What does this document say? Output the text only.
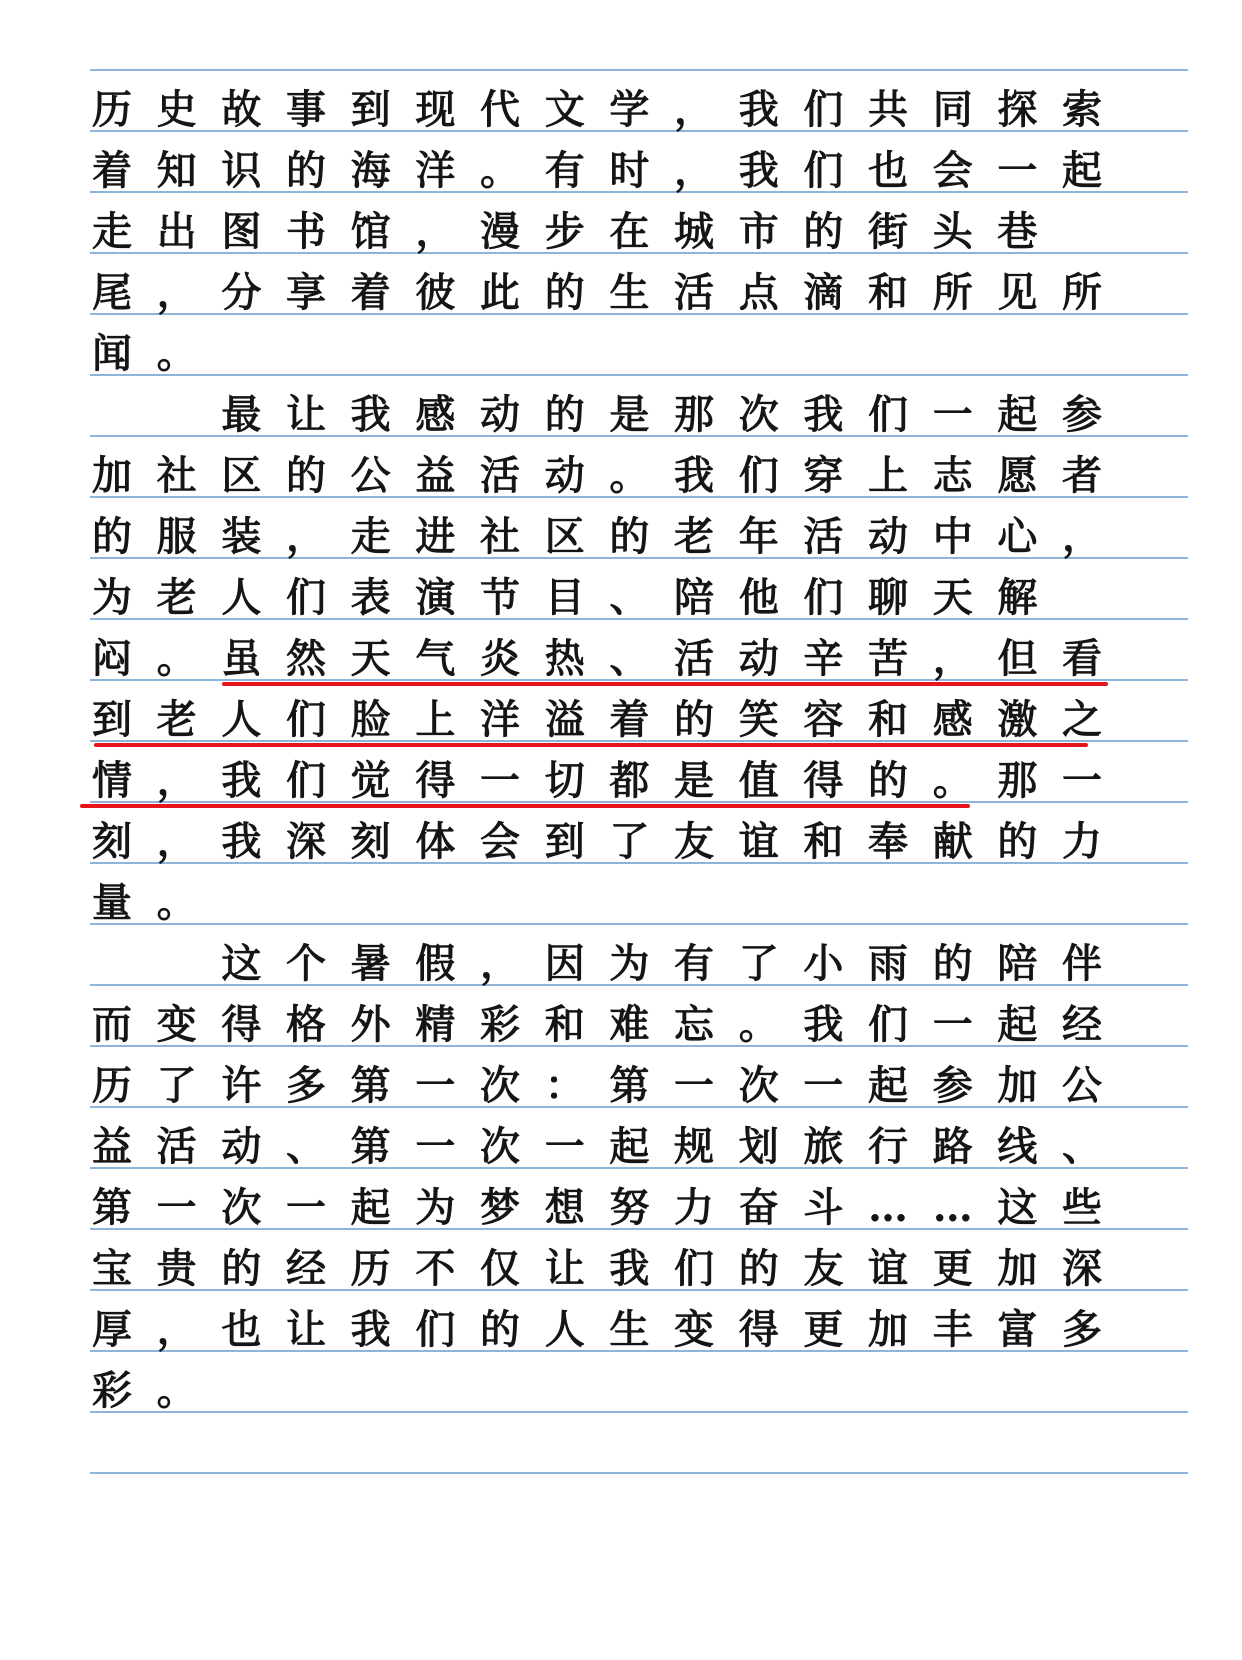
历 史 故 事 到 现 代 文 学 ， 我 们 共 同 探 索
着 知 识 的 海 洋 。 有 时 ， 我 们 也 会 一 起
走 出 图 书 馆 ， 漫 步 在 城 市 的 街 头 巷
尾 ， 分 享 着 彼 此 的 生 活 点 滴 和 所 见 所
闻 。
最 让 我 感 动 的 是 那 次 我 们 一 起 参
加 社 区 的 公 益 活 动 。 我 们 穿 上 志 愿 者
的 服 装 ， 走 进 社 区 的 老 年 活 动 中 心 ，
为 老 人 们 表 演 节 目 、 陪 他 们 聊 天 解
闷 。 虽 然 天 气 炎 热 、 活 动 辛 苦 ， 但 看
到 老 人 们 脸 上 洋 溢 着 的 笑 容 和 感 激 之
情 ， 我 们 觉 得 一 切 都 是 值 得 的 。 那 一
刻 ， 我 深 刻 体 会 到 了 友 谊 和 奉 献 的 力
量 。
这 个 暑 假 ， 因 为 有 了 小 雨 的 陪 伴
而 变 得 格 外 精 彩 和 难 忘 。 我 们 一 起 经
历 了 许 多 第 一 次 ： 第 一 次 一 起 参 加 公
益 活 动 、 第 一 次 一 起 规 划 旅 行 路 线 、
第 一 次 一 起 为 梦 想 努 力 奋 斗 … … 这 些
宝 贵 的 经 历 不 仅 让 我 们 的 友 谊 更 加 深
厚 ， 也 让 我 们 的 人 生 变 得 更 加 丰 富 多
彩 。
